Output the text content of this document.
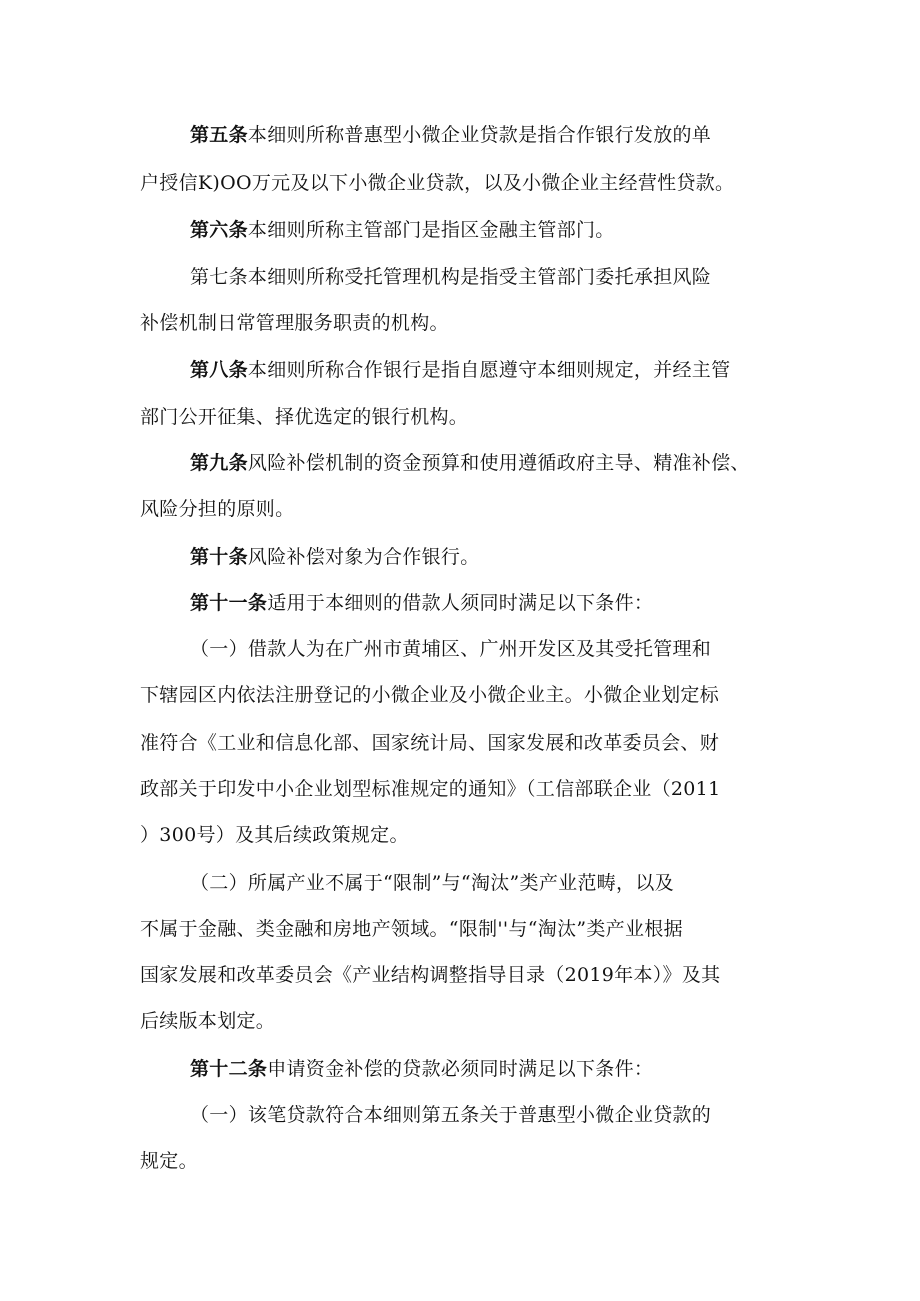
第五条本细则所称普惠型小微企业贷款是指合作银行发放的单
户授信K)OO万元及以下小微企业贷款，以及小微企业主经营性贷款。
第六条本细则所称主管部门是指区金融主管部门。
第七条本细则所称受托管理机构是指受主管部门委托承担风险
补偿机制日常管理服务职责的机构。
第八条本细则所称合作银行是指自愿遵守本细则规定，并经主管
部门公开征集、择优选定的银行机构。
第九条风险补偿机制的资金预算和使用遵循政府主导、精准补偿、
风险分担的原则。
第十条风险补偿对象为合作银行。
第十一条适用于本细则的借款人须同时满足以下条件：
（一）借款人为在广州市黄埔区、广州开发区及其受托管理和
下辖园区内依法注册登记的小微企业及小微企业主。小微企业划定标
准符合《工业和信息化部、国家统计局、国家发展和改革委员会、财
政部关于印发中小企业划型标准规定的通知》（工信部联企业（2011
）300号）及其后续政策规定。
（二）所属产业不属于“限制”与“淘汰”类产业范畴，以及
不属于金融、类金融和房地产领域。“限制''与“淘汰”类产业根据
国家发展和改革委员会《产业结构调整指导目录（2019年本）》及其
后续版本划定。
第十二条申请资金补偿的贷款必须同时满足以下条件：
（一）该笔贷款符合本细则第五条关于普惠型小微企业贷款的
规定。
